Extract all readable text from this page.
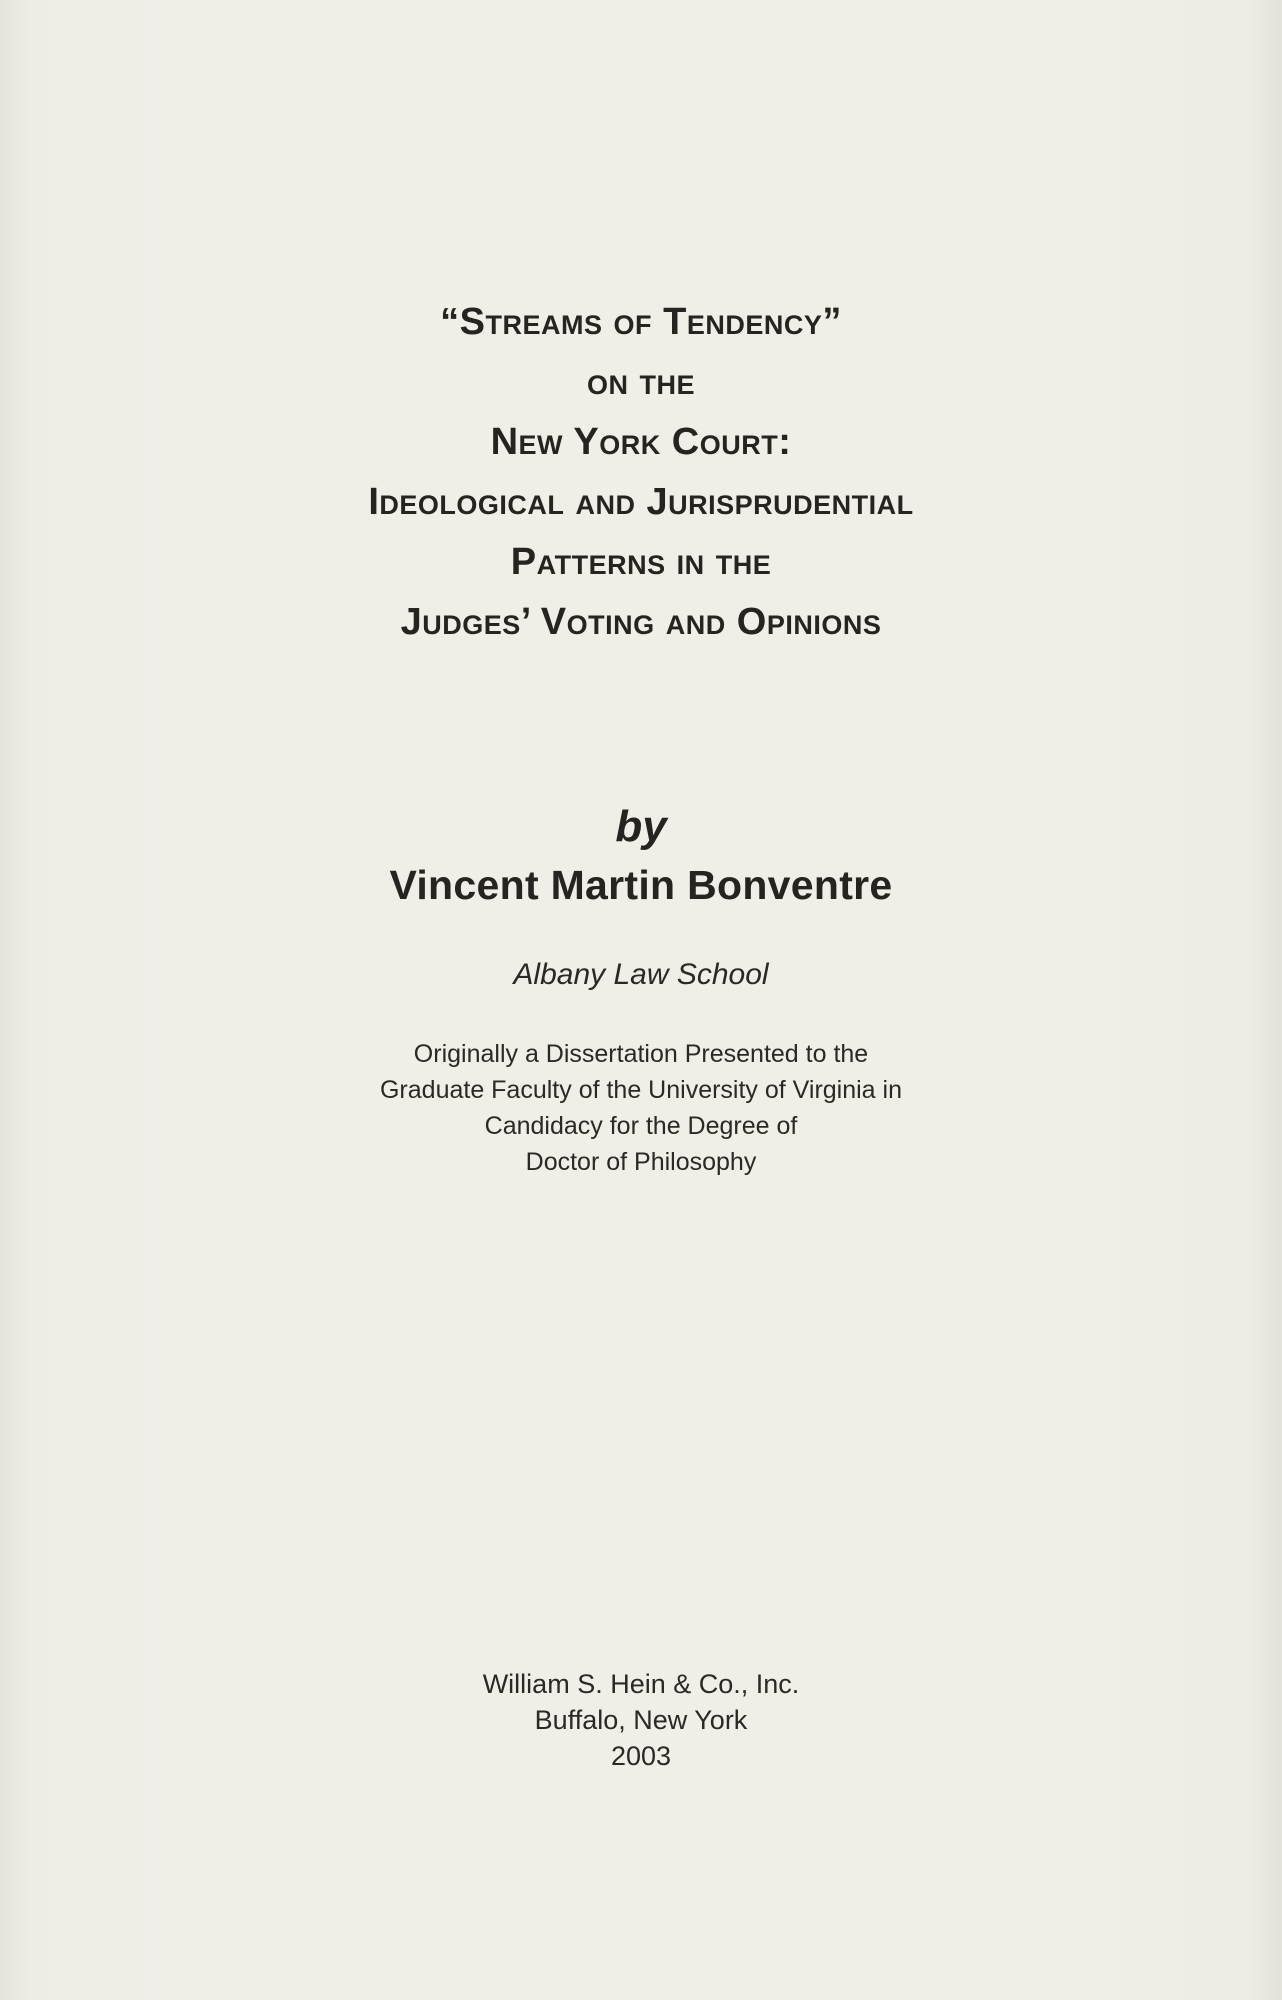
“Streams of Tendency”
on the
New York Court:
Ideological and Jurisprudential
Patterns in the
Judges’ Voting and Opinions
by
Vincent Martin Bonventre
Albany Law School
Originally a Dissertation Presented to the
Graduate Faculty of the University of Virginia in
Candidacy for the Degree of
Doctor of Philosophy
William S. Hein & Co., Inc.
Buffalo, New York
2003
